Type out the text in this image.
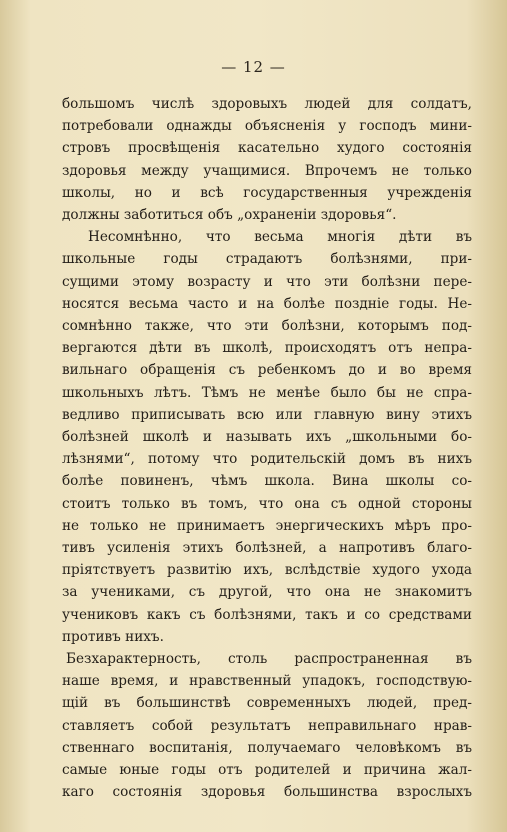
— 12 —
большомъ числѣ здоровыхъ людей для солдатъ,
потребовали однажды объясненія у господъ мини-
стровъ просвѣщенія касательно худого состоянія
здоровья между учащимися. Впрочемъ не только
школы, но и всѣ государственныя учрежденія
должны заботиться объ „охраненіи здоровья“.
Несомнѣнно, что весьма многія дѣти въ
школьные годы страдаютъ болѣзнями, при-
сущими этому возрасту и что эти болѣзни пере-
носятся весьма часто и на болѣе поздніе годы. Не-
сомнѣнно также, что эти болѣзни, которымъ под-
вергаются дѣти въ школѣ, происходятъ отъ непра-
вильнаго обращенія съ ребенкомъ до и во время
школьныхъ лѣтъ. Тѣмъ не менѣе было бы не спра-
ведливо приписывать всю или главную вину этихъ
болѣзней школѣ и называть ихъ „школьными бо-
лѣзнями“, потому что родительскій домъ въ нихъ
болѣе повиненъ, чѣмъ школа. Вина школы со-
стоитъ только въ томъ, что она съ одной стороны
не только не принимаетъ энергическихъ мѣръ про-
тивъ усиленія этихъ болѣзней, а напротивъ благо-
пріятствуетъ развитію ихъ, вслѣдствіе худого ухода
за учениками, съ другой, что она не знакомитъ
учениковъ какъ съ болѣзнями, такъ и со средствами
противъ нихъ.
Безхарактерность, столь распространенная въ
наше время, и нравственный упадокъ, господствую-
щій въ большинствѣ современныхъ людей, пред-
ставляетъ собой результатъ неправильнаго нрав-
ственнаго воспитанія, получаемаго человѣкомъ въ
самые юные годы отъ родителей и причина жал-
каго состоянія здоровья большинства взрослыхъ
